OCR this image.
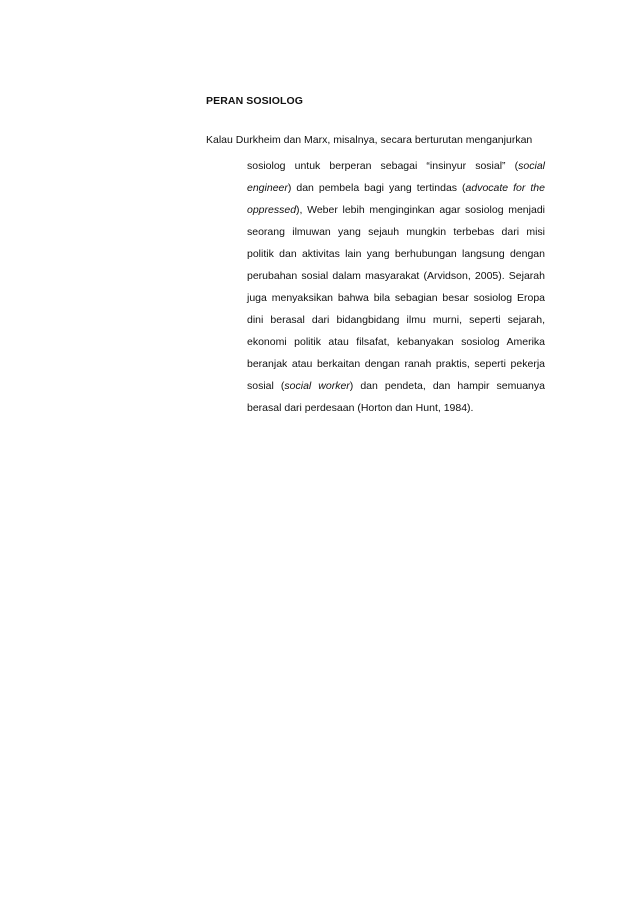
PERAN SOSIOLOG
Kalau Durkheim dan Marx, misalnya, secara berturutan menganjurkan
sosiolog untuk berperan sebagai “insinyur sosial” (social
engineer) dan pembela bagi yang tertindas (advocate for the
oppressed), Weber lebih menginginkan agar sosiolog menjadi
seorang ilmuwan yang sejauh mungkin terbebas dari misi
politik dan aktivitas lain yang berhubungan langsung dengan
perubahan sosial dalam masyarakat (Arvidson, 2005). Sejarah
juga menyaksikan bahwa bila sebagian besar sosiolog Eropa
dini berasal dari bidangbidang ilmu murni, seperti sejarah,
ekonomi politik atau filsafat, kebanyakan sosiolog Amerika
beranjak atau berkaitan dengan ranah praktis, seperti pekerja
sosial (social worker) dan pendeta, dan hampir semuanya
berasal dari perdesaan (Horton dan Hunt, 1984).
